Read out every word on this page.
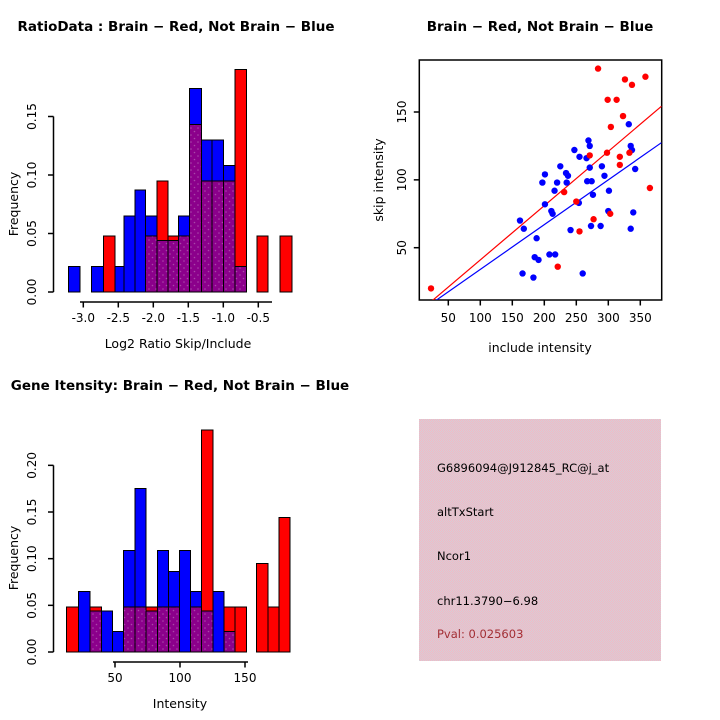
RatioData : Brain − Red, Not Brain − Blue
Log2 Ratio Skip/Include
Frequency
-3.0 -2.5 -2.0 -1.5 -1.0 -0.5
0.00
0.05
0.10
0.15
Brain − Red, Not Brain − Blue
include intensity
skip intensity
50 100 150 200 250 300 350
50
100
150
Gene Itensity: Brain − Red, Not Brain − Blue
Intensity
Frequency
50	100	150
0.00
0.05
0.10
0.15
0.20	G6896094@J912845_RC@j_at
altTxStart
Ncor1
chr11.3790−6.98
Pval: 0.025603
